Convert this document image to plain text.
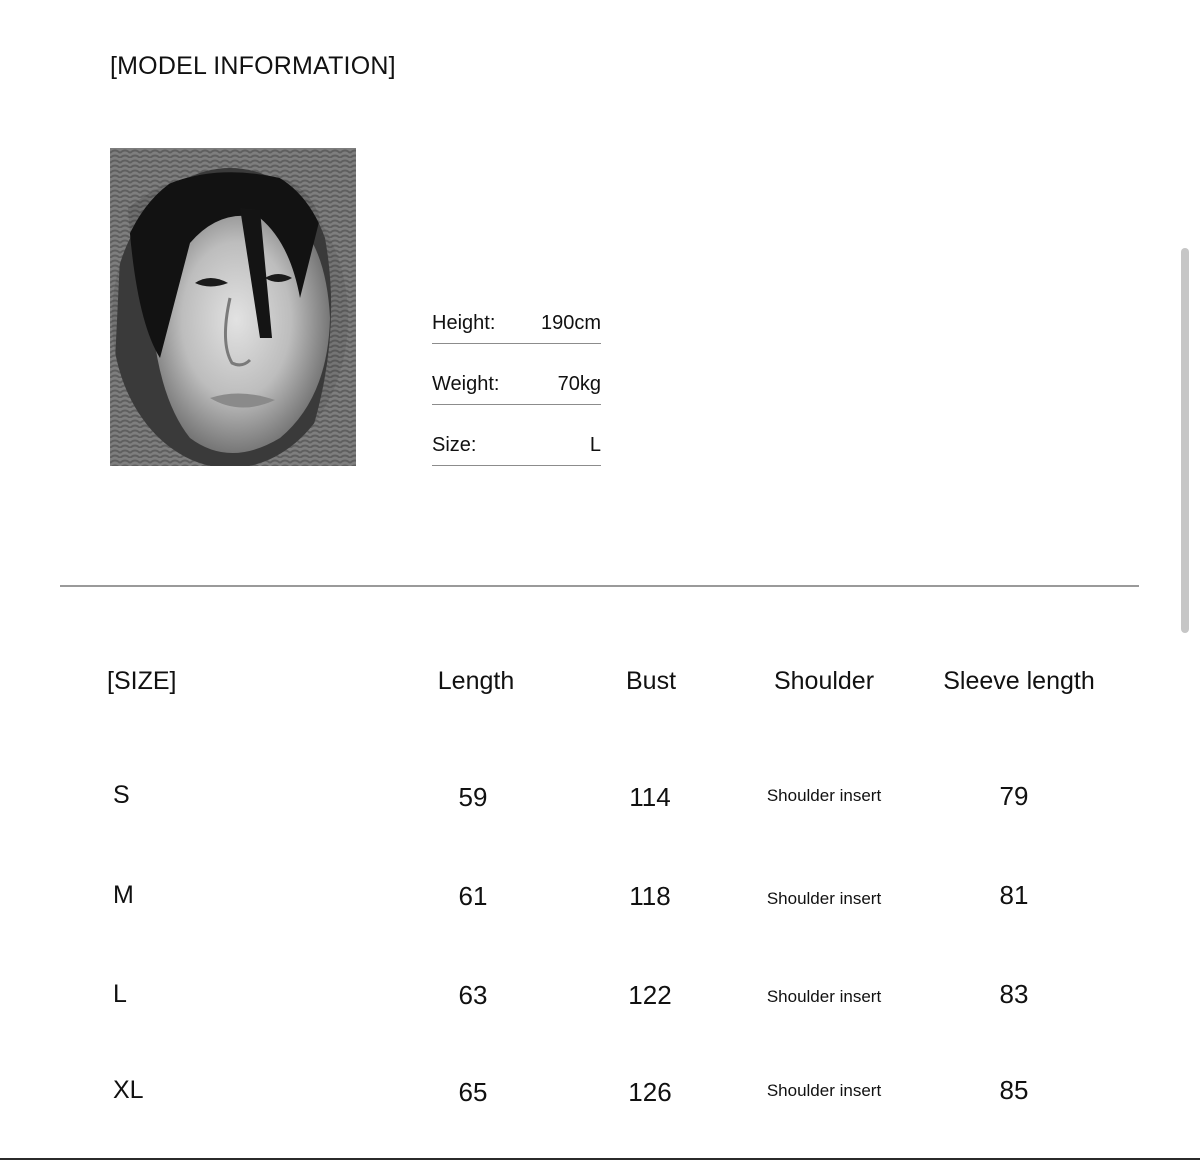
[MODEL INFORMATION]
Height: 190cm
Weight:	70kg
Size:	L
[SIZE]	Length	Bust	Shoulder	Sleeve length
S	59	114	Shoulder insert	79
M	61	118	Shoulder insert	81
L	63	122	Shoulder insert	83
XL	65	126	Shoulder insert	85
